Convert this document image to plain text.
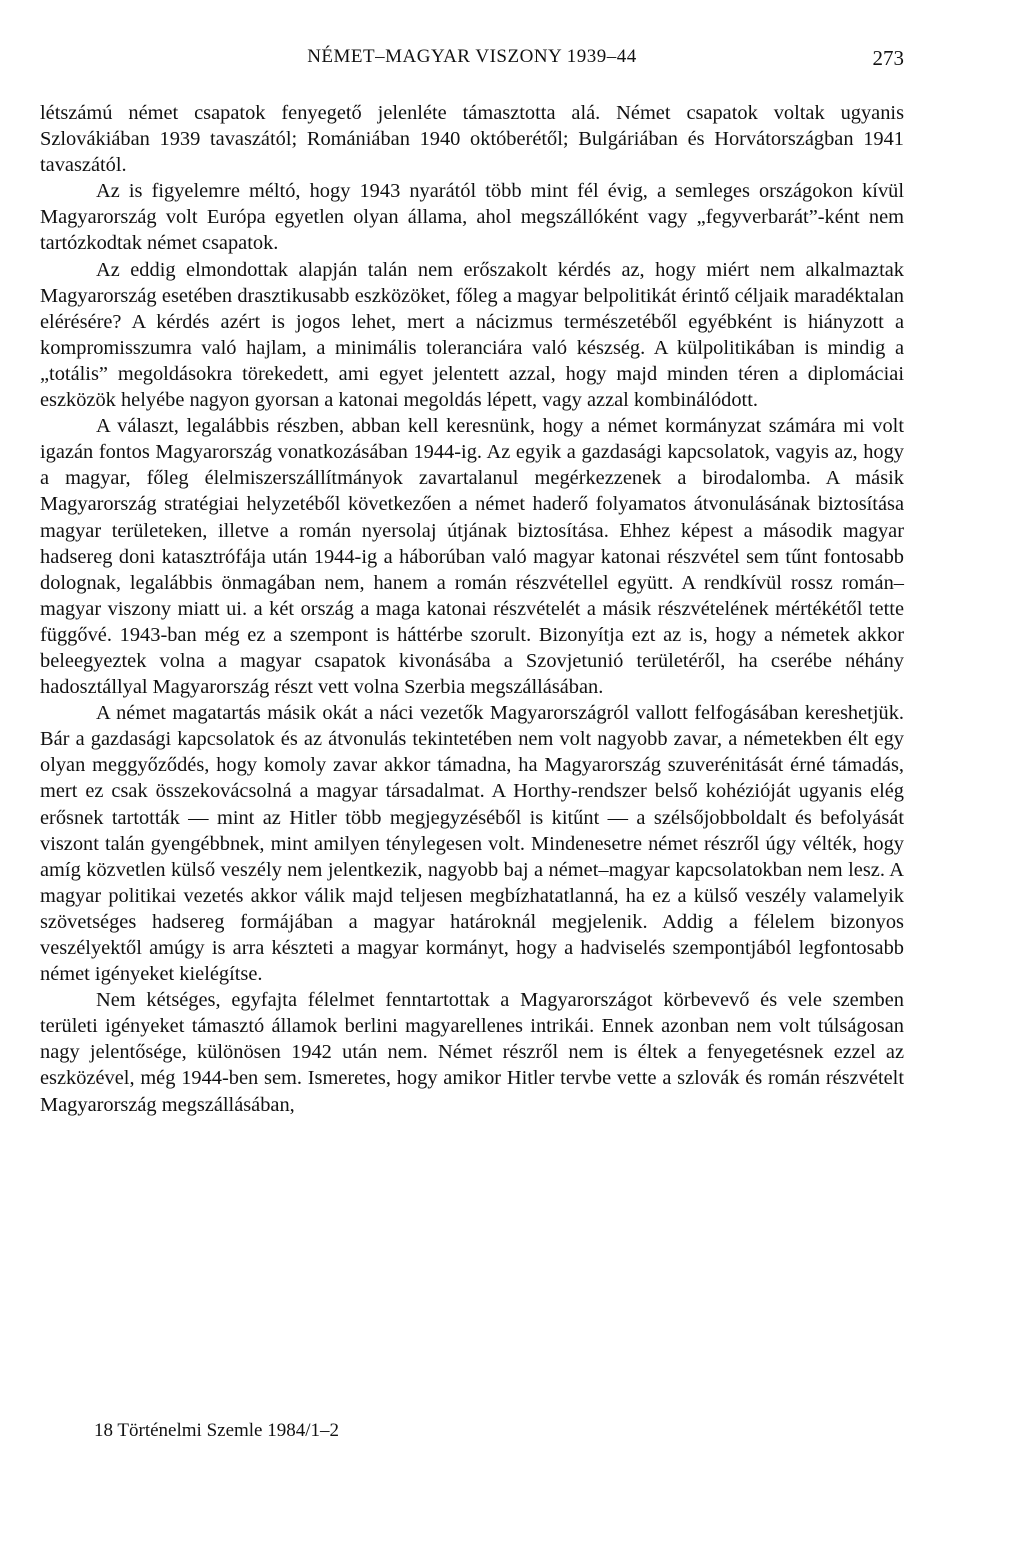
NÉMET–MAGYAR VISZONY 1939–44	273

létszámú német csapatok fenyegető jelenléte támasztotta alá. Német csapatok voltak ugyanis Szlovákiában 1939 tavaszától; Romániában 1940 októberétől; Bulgáriában és Horvátországban 1941 tavaszától.

Az is figyelemre méltó, hogy 1943 nyarától több mint fél évig, a semleges országokon kívül Magyarország volt Európa egyetlen olyan állama, ahol megszállóként vagy „fegyverbarát”-ként nem tartózkodtak német csapatok.

Az eddig elmondottak alapján talán nem erőszakolt kérdés az, hogy miért nem alkalmaztak Magyarország esetében drasztikusabb eszközöket, főleg a magyar belpolitikát érintő céljaik maradéktalan elérésére? A kérdés azért is jogos lehet, mert a nácizmus természetéből egyébként is hiányzott a kompromisszumra való hajlam, a minimális toleranciára való készség. A külpolitikában is mindig a „totális” megoldásokra törekedett, ami egyet jelentett azzal, hogy majd minden téren a diplomáciai eszközök helyébe nagyon gyorsan a katonai megoldás lépett, vagy azzal kombinálódott.

A választ, legalábbis részben, abban kell keresnünk, hogy a német kormányzat számára mi volt igazán fontos Magyarország vonatkozásában 1944-ig. Az egyik a gazdasági kapcsolatok, vagyis az, hogy a magyar, főleg élelmiszerszállítmányok zavartalanul megérkezzenek a birodalomba. A másik Magyarország stratégiai helyzetéből következően a német haderő folyamatos átvonulásának biztosítása magyar területeken, illetve a román nyersolaj útjának biztosítása. Ehhez képest a második magyar hadsereg doni katasztrófája után 1944-ig a háborúban való magyar katonai részvétel sem tűnt fontosabb dolognak, legalábbis önmagában nem, hanem a román részvétellel együtt. A rendkívül rossz román–magyar viszony miatt ui. a két ország a maga katonai részvételét a másik részvételének mértékétől tette függővé. 1943-ban még ez a szempont is háttérbe szorult. Bizonyítja ezt az is, hogy a németek akkor beleegyeztek volna a magyar csapatok kivonásába a Szovjetunió területéről, ha cserébe néhány hadosztállyal Magyarország részt vett volna Szerbia megszállásában.

A német magatartás másik okát a náci vezetők Magyarországról vallott felfogásában kereshetjük. Bár a gazdasági kapcsolatok és az átvonulás tekintetében nem volt nagyobb zavar, a németekben élt egy olyan meggyőződés, hogy komoly zavar akkor támadna, ha Magyarország szuverénitását érné támadás, mert ez csak összekovácsolná a magyar társadalmat. A Horthy-rendszer belső kohézióját ugyanis elég erősnek tartották — mint az Hitler több megjegyzéséből is kitűnt — a szélsőjobboldalt és befolyását viszont talán gyengébbnek, mint amilyen ténylegesen volt. Mindenesetre német részről úgy vélték, hogy amíg közvetlen külső veszély nem jelentkezik, nagyobb baj a német–magyar kapcsolatokban nem lesz. A magyar politikai vezetés akkor válik majd teljesen megbízhatatlanná, ha ez a külső veszély valamelyik szövetséges hadsereg formájában a magyar határoknál megjelenik. Addig a félelem bizonyos veszélyektől amúgy is arra készteti a magyar kormányt, hogy a hadviselés szempontjából legfontosabb német igényeket kielégítse.

Nem kétséges, egyfajta félelmet fenntartottak a Magyarországot körbevevő és vele szemben területi igényeket támasztó államok berlini magyarellenes intrikái. Ennek azonban nem volt túlságosan nagy jelentősége, különösen 1942 után nem. Német részről nem is éltek a fenyegetésnek ezzel az eszközével, még 1944-ben sem. Ismeretes, hogy amikor Hitler tervbe vette a szlovák és román részvételt Magyarország megszállásában,

18 Történelmi Szemle 1984/1–2
